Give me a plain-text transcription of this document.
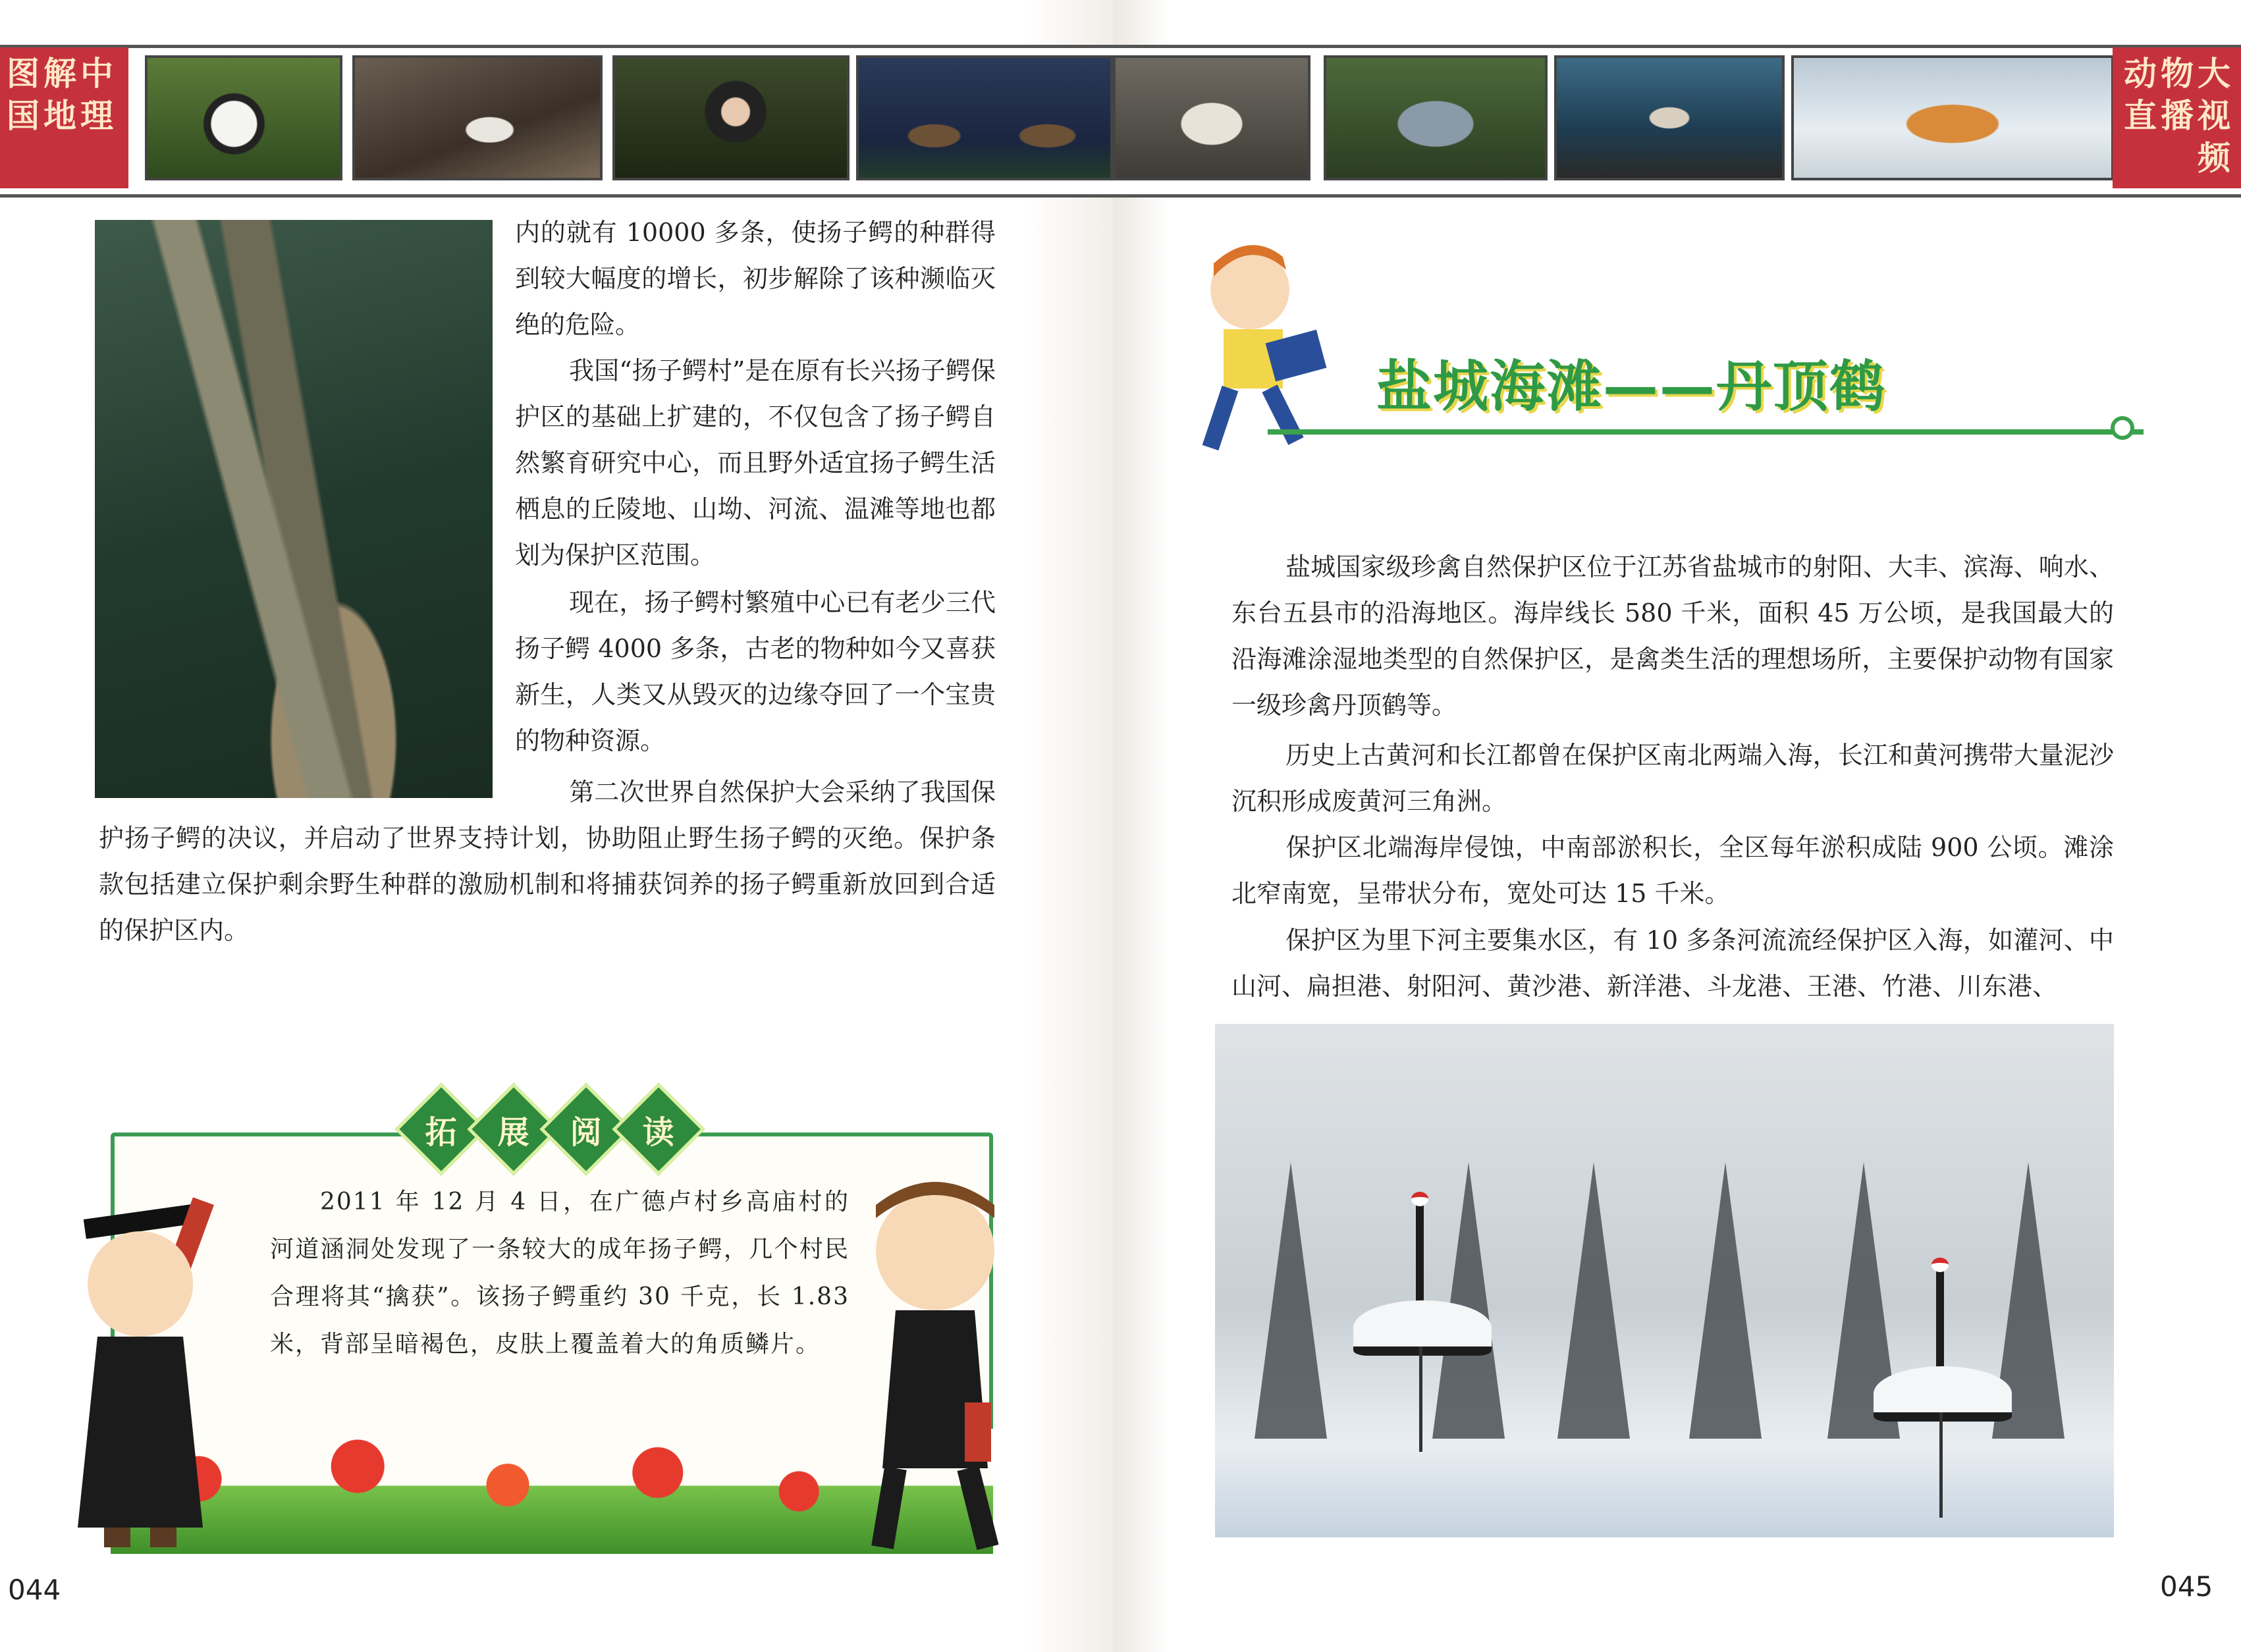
图解中国地理

内的就有 10000 多条，使扬子鳄的种群得到较大幅度的增长，初步解除了该种濒临灭绝的危险。

我国“扬子鳄村”是在原有长兴扬子鳄保护区的基础上扩建的，不仅包含了扬子鳄自然繁育研究中心，而且野外适宜扬子鳄生活栖息的丘陵地、山坳、河流、温滩等地也都划为保护区范围。

现在，扬子鳄村繁殖中心已有老少三代扬子鳄 4000 多条，古老的物种如今又喜获新生，人类又从毁灭的边缘夺回了一个宝贵的物种资源。

第二次世界自然保护大会采纳了我国保护扬子鳄的决议，并启动了世界支持计划，协助阻止野生扬子鳄的灭绝。保护条款包括建立保护剩余野生种群的激励机制和将捕获饲养的扬子鳄重新放回到合适的保护区内。

拓 展 阅 读

2011 年 12 月 4 日，在广德卢村乡高庙村的河道涵洞处发现了一条较大的成年扬子鳄，几个村民合理将其“擒获”。该扬子鳄重约 30 千克，长 1.83 米，背部呈暗褐色，皮肤上覆盖着大的角质鳞片。

044
动物大直播视频
盐城海滩——丹顶鹤

盐城国家级珍禽自然保护区位于江苏省盐城市的射阳、大丰、滨海、响水、东台五县市的沿海地区。海岸线长 580 千米，面积 45 万公顷，是我国最大的沿海滩涂湿地类型的自然保护区，是禽类生活的理想场所，主要保护动物有国家一级珍禽丹顶鹤等。

历史上古黄河和长江都曾在保护区南北两端入海，长江和黄河携带大量泥沙沉积形成废黄河三角洲。

保护区北端海岸侵蚀，中南部淤积长，全区每年淤积成陆 900 公顷。滩涂北窄南宽，呈带状分布，宽处可达 15 千米。

保护区为里下河主要集水区，有 10 多条河流流经保护区入海，如灌河、中山河、扁担港、射阳河、黄沙港、新洋港、斗龙港、王港、竹港、川东港、

045
